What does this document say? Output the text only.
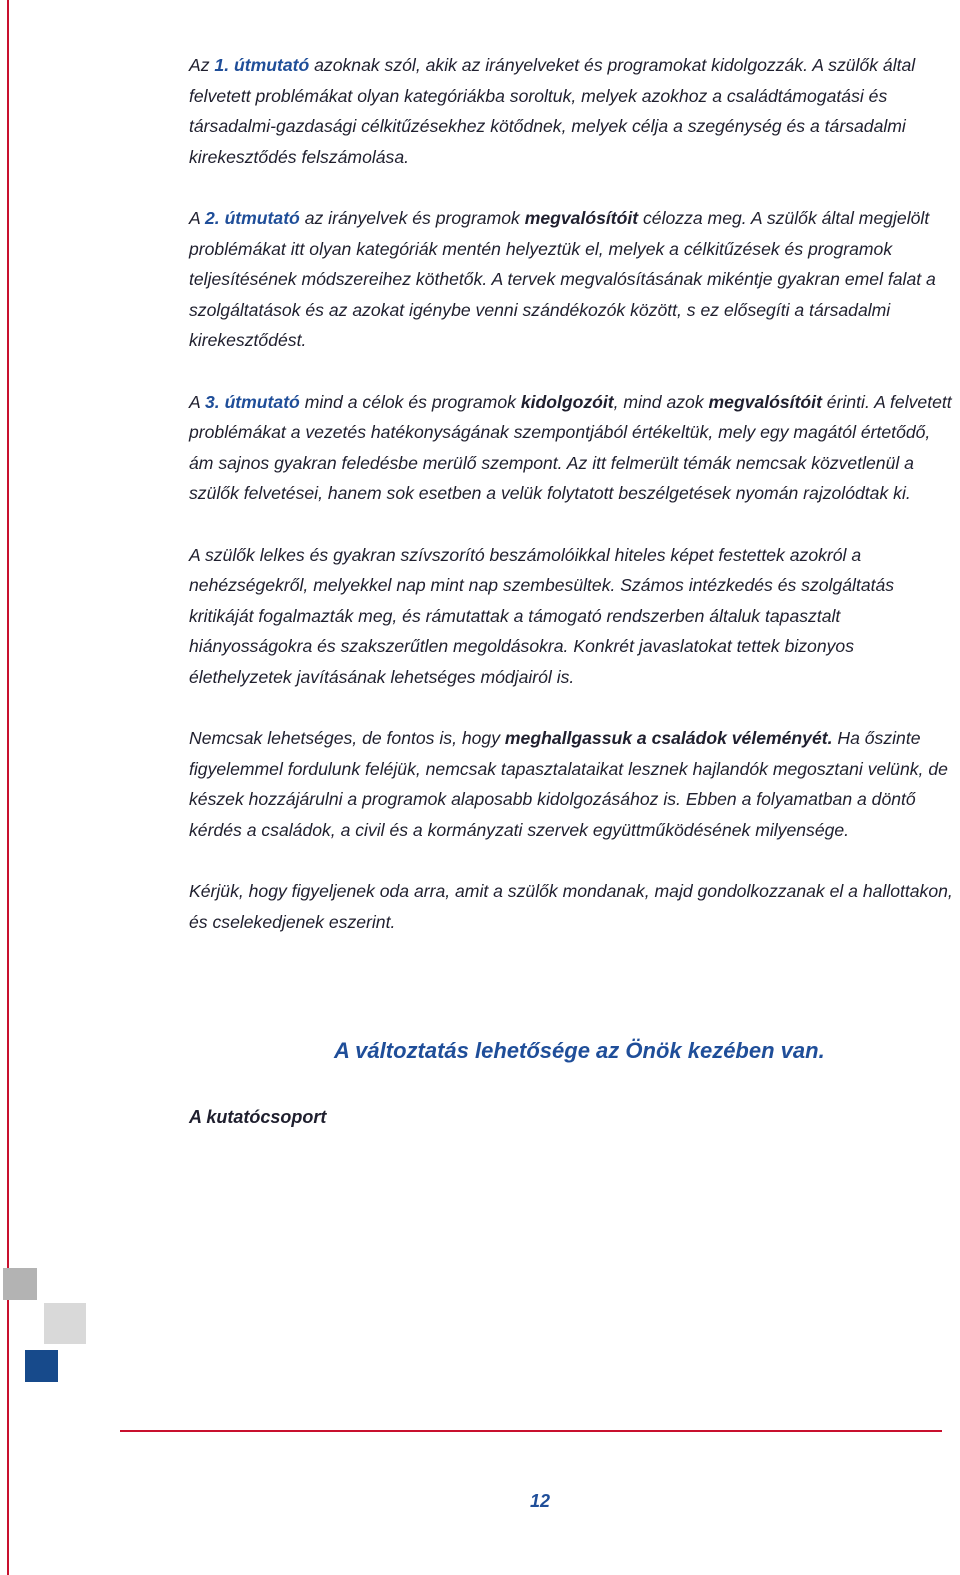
Az 1. útmutató azoknak szól, akik az irányelveket és programokat kidolgozzák. A szülők által felvetett problémákat olyan kategóriákba soroltuk, melyek azokhoz a családtámogatási és társadalmi-gazdasági célkitűzésekhez kötődnek, melyek célja a szegénység és a társadalmi kirekesztődés felszámolása.

A 2. útmutató az irányelvek és programok megvalósítóit célozza meg. A szülők által megjelölt problémákat itt olyan kategóriák mentén helyeztük el, melyek a célkitűzések és programok teljesítésének módszereihez köthetők. A tervek megvalósításának mikéntje gyakran emel falat a szolgáltatások és az azokat igénybe venni szándékozók között, s ez elősegíti a társadalmi kirekesztődést.

A 3. útmutató mind a célok és programok kidolgozóit, mind azok megvalósítóit érinti. A felvetett problémákat a vezetés hatékonyságának szempontjából értékeltük, mely egy magától értetődő, ám sajnos gyakran feledésbe merülő szempont. Az itt felmerült témák nemcsak közvetlenül a szülők felvetései, hanem sok esetben a velük folytatott beszélgetések nyomán rajzolódtak ki.

A szülők lelkes és gyakran szívszorító beszámolóikkal hiteles képet festettek azokról a nehézségekről, melyekkel nap mint nap szembesültek. Számos intézkedés és szolgáltatás kritikáját fogalmazták meg, és rámutattak a támogató rendszerben általuk tapasztalt hiányosságokra és szakszerűtlen megoldásokra. Konkrét javaslatokat tettek bizonyos élethelyzetek javításának lehetséges módjairól is.

Nemcsak lehetséges, de fontos is, hogy meghallgassuk a családok véleményét. Ha őszinte figyelemmel fordulunk feléjük, nemcsak tapasztalataikat lesznek hajlandók megosztani velünk, de készek hozzájárulni a programok alaposabb kidolgozásához is. Ebben a folyamatban a döntő kérdés a családok, a civil és a kormányzati szervek együttműködésének milyensége.

Kérjük, hogy figyeljenek oda arra, amit a szülők mondanak, majd gondolkozzanak el a hallottakon, és cselekedjenek eszerint.

A változtatás lehetősége az Önök kezében van.
A kutatócsoport
12
